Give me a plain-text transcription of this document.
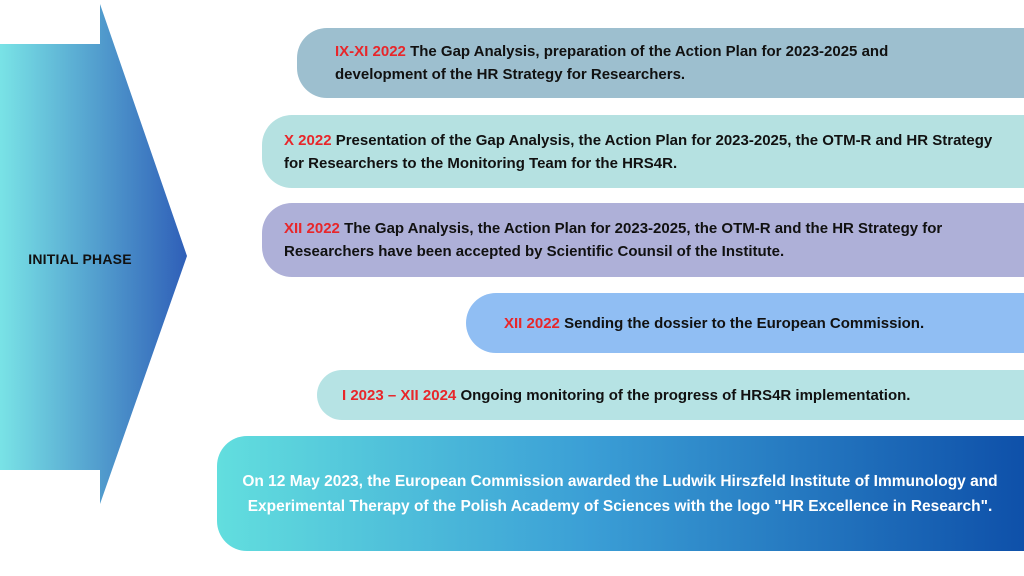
INITIAL PHASE
IX-XI 2022 The Gap Analysis, preparation of the Action Plan for 2023-2025 and development of the HR Strategy for Researchers.
X 2022 Presentation of the Gap Analysis, the Action Plan for 2023-2025, the OTM-R and HR Strategy for Researchers to the Monitoring Team for the HRS4R.
XII 2022 The Gap Analysis, the Action Plan for 2023-2025, the OTM-R and the HR Strategy for Researchers have been accepted by Scientific Counsil of the Institute.
XII 2022 Sending the dossier to the European Commission.
I 2023 – XII 2024 Ongoing monitoring of the progress of HRS4R implementation.
On 12 May 2023, the European Commission awarded the Ludwik Hirszfeld Institute of Immunology and Experimental Therapy of the Polish Academy of Sciences with the logo "HR Excellence in Research".
